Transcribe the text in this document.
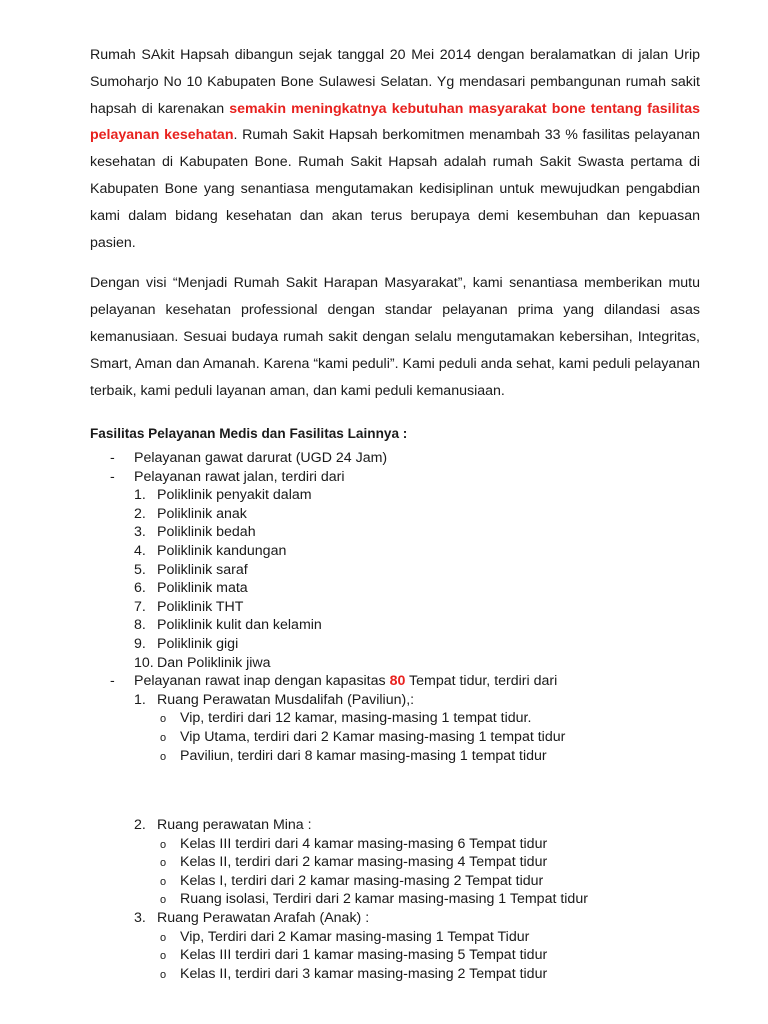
Rumah SAkit Hapsah dibangun sejak tanggal 20 Mei 2014 dengan beralamatkan di jalan Urip Sumoharjo No 10 Kabupaten Bone Sulawesi Selatan. Yg mendasari pembangunan rumah sakit hapsah di karenakan semakin meningkatnya kebutuhan masyarakat bone tentang fasilitas pelayanan kesehatan. Rumah Sakit Hapsah berkomitmen menambah 33 % fasilitas pelayanan kesehatan di Kabupaten Bone. Rumah Sakit Hapsah adalah rumah Sakit Swasta pertama di Kabupaten Bone yang senantiasa mengutamakan kedisiplinan untuk mewujudkan pengabdian kami dalam bidang kesehatan dan akan terus berupaya demi kesembuhan dan kepuasan pasien.

Dengan visi “Menjadi Rumah Sakit Harapan Masyarakat”, kami senantiasa memberikan mutu pelayanan kesehatan professional dengan standar pelayanan prima yang dilandasi asas kemanusiaan. Sesuai budaya rumah sakit dengan selalu mengutamakan kebersihan, Integritas, Smart, Aman dan Amanah. Karena “kami peduli”. Kami peduli anda sehat, kami peduli pelayanan terbaik, kami peduli layanan aman, dan kami peduli kemanusiaan.

Fasilitas Pelayanan Medis dan Fasilitas Lainnya :

- Pelayanan gawat darurat (UGD 24 Jam)
- Pelayanan rawat jalan, terdiri dari
1. Poliklinik penyakit dalam
2. Poliklinik anak
3. Poliklinik bedah
4. Poliklinik kandungan
5. Poliklinik saraf
6. Poliklinik mata
7. Poliklinik THT
8. Poliklinik kulit dan kelamin
9. Poliklinik gigi
10. Dan Poliklinik jiwa
- Pelayanan rawat inap dengan kapasitas 80 Tempat tidur, terdiri dari
1. Ruang Perawatan Musdalifah (Paviliun),:
o Vip, terdiri dari 12 kamar, masing-masing 1 tempat tidur.
o Vip Utama, terdiri dari 2 Kamar masing-masing 1 tempat tidur
o Paviliun, terdiri dari 8 kamar masing-masing 1 tempat tidur
2. Ruang perawatan Mina :
o Kelas III terdiri dari 4 kamar masing-masing 6 Tempat tidur
o Kelas II, terdiri dari 2 kamar masing-masing 4 Tempat tidur
o Kelas I, terdiri dari 2 kamar masing-masing 2 Tempat tidur
o Ruang isolasi, Terdiri dari 2 kamar masing-masing 1 Tempat tidur
3. Ruang Perawatan Arafah (Anak) :
o Vip, Terdiri dari 2 Kamar masing-masing 1 Tempat Tidur
o Kelas III terdiri dari 1 kamar masing-masing 5 Tempat tidur
o Kelas II, terdiri dari 3 kamar masing-masing 2 Tempat tidur
